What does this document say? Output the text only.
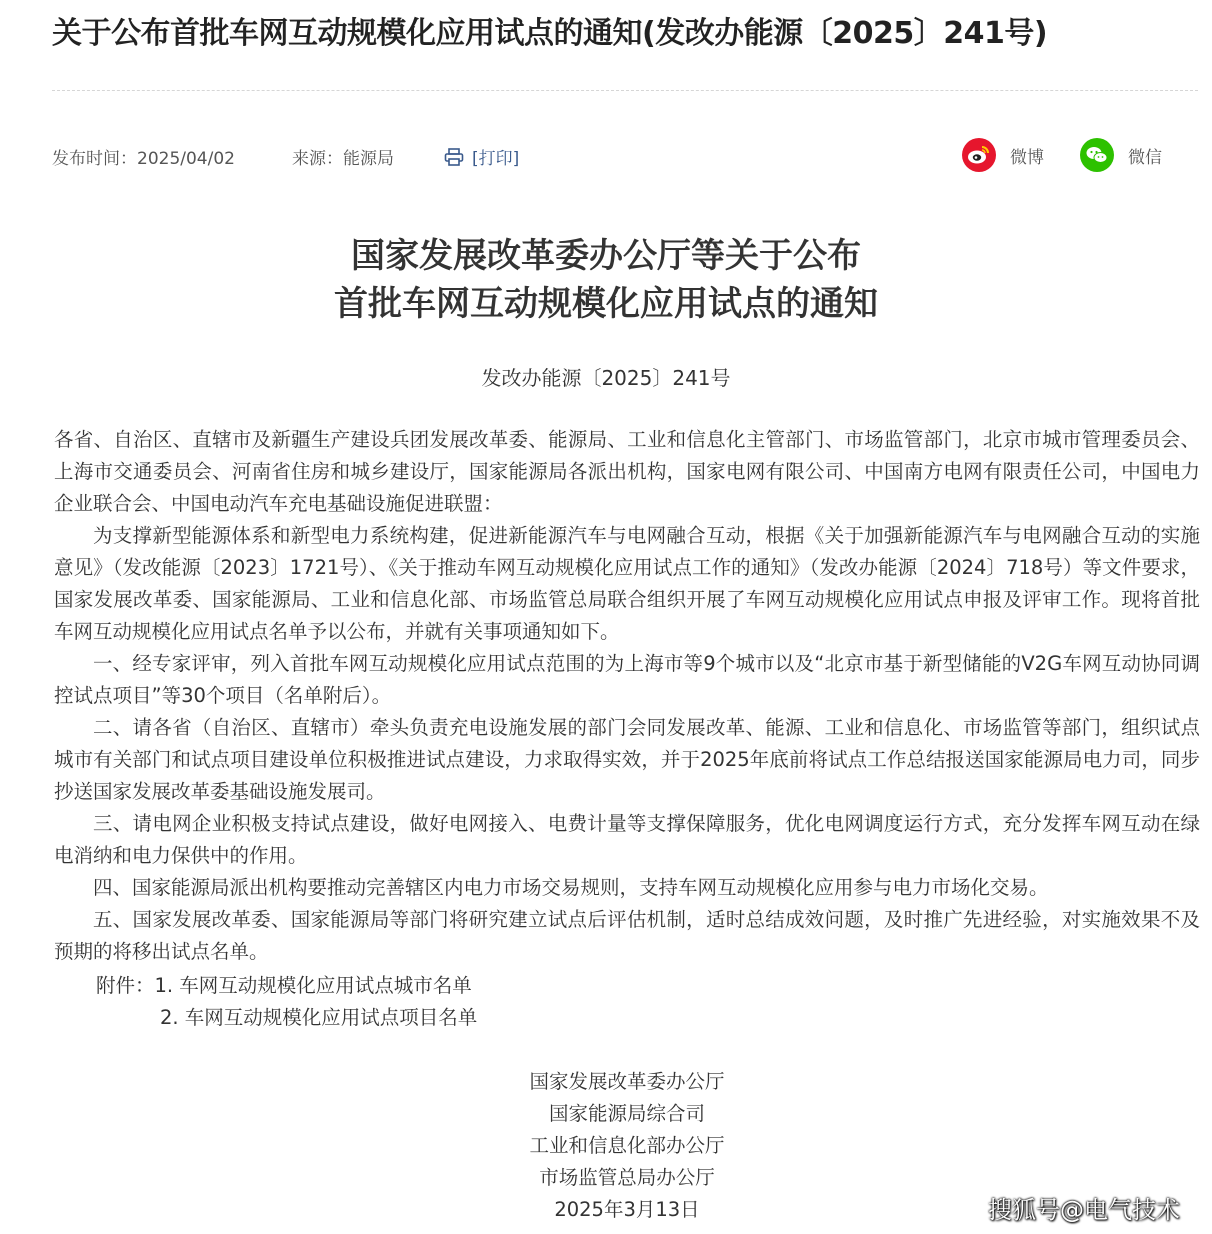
关于公布首批车网互动规模化应用试点的通知(发改办能源〔2025〕241号)
发布时间：2025/04/02	来源：能源局	[打印]	微博	微信
国家发展改革委办公厅等关于公布
首批车网互动规模化应用试点的通知
发改办能源〔2025〕241号

各省、自治区、直辖市及新疆生产建设兵团发展改革委、能源局、工业和信息化主管部门、市场监管部门，北京市城市管理委员会、上海市交通委员会、河南省住房和城乡建设厅，国家能源局各派出机构，国家电网有限公司、中国南方电网有限责任公司，中国电力企业联合会、中国电动汽车充电基础设施促进联盟：

为支撑新型能源体系和新型电力系统构建，促进新能源汽车与电网融合互动，根据《关于加强新能源汽车与电网融合互动的实施意见》（发改能源〔2023〕1721号）、《关于推动车网互动规模化应用试点工作的通知》（发改办能源〔2024〕718号）等文件要求，国家发展改革委、国家能源局、工业和信息化部、市场监管总局联合组织开展了车网互动规模化应用试点申报及评审工作。现将首批车网互动规模化应用试点名单予以公布，并就有关事项通知如下。

一、经专家评审，列入首批车网互动规模化应用试点范围的为上海市等9个城市以及“北京市基于新型储能的V2G车网互动协同调控试点项目”等30个项目（名单附后）。

二、请各省（自治区、直辖市）牵头负责充电设施发展的部门会同发展改革、能源、工业和信息化、市场监管等部门，组织试点城市有关部门和试点项目建设单位积极推进试点建设，力求取得实效，并于2025年底前将试点工作总结报送国家能源局电力司，同步抄送国家发展改革委基础设施发展司。

三、请电网企业积极支持试点建设，做好电网接入、电费计量等支撑保障服务，优化电网调度运行方式，充分发挥车网互动在绿电消纳和电力保供中的作用。

四、国家能源局派出机构要推动完善辖区内电力市场交易规则，支持车网互动规模化应用参与电力市场化交易。

五、国家发展改革委、国家能源局等部门将研究建立试点后评估机制，适时总结成效问题，及时推广先进经验，对实施效果不及预期的将移出试点名单。

附件：1. 车网互动规模化应用试点城市名单
2. 车网互动规模化应用试点项目名单
国家发展改革委办公厅
国家能源局综合司
工业和信息化部办公厅
市场监管总局办公厅
2025年3月13日	搜狐号@电气技术
